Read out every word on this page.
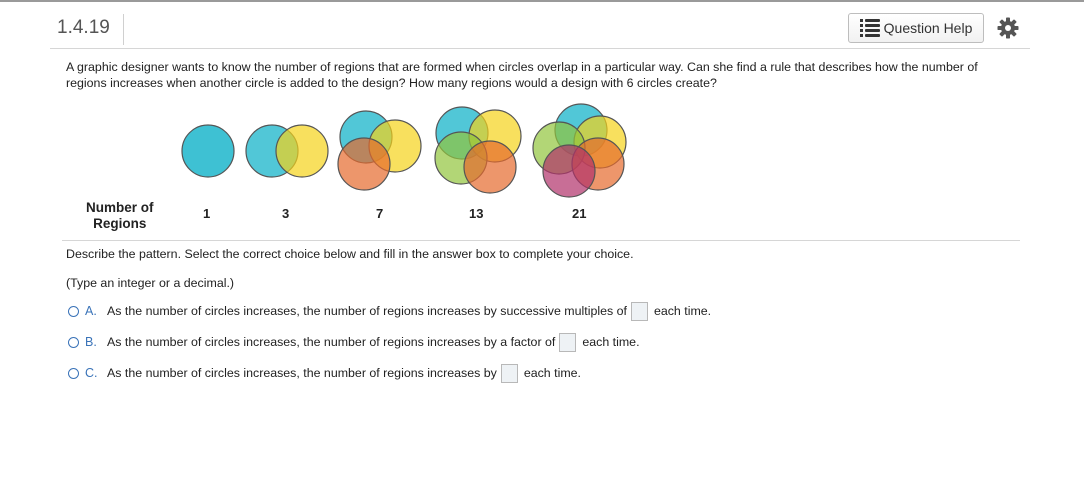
1.4.19	Question Help
A graphic designer wants to know the number of regions that are formed when circles overlap in a particular way. Can she find a rule that describes how the number of regions increases when another circle is added to the design? How many regions would a design with 6 circles create?
Number of
Regions
1	3	7	13	21
Describe the pattern. Select the correct choice below and fill in the answer box to complete your choice.
(Type an integer or a decimal.)
A. As the number of circles increases, the number of regions increases by successive multiples of each time.
B. As the number of circles increases, the number of regions increases by a factor of each time.
C. As the number of circles increases, the number of regions increases by each time.
